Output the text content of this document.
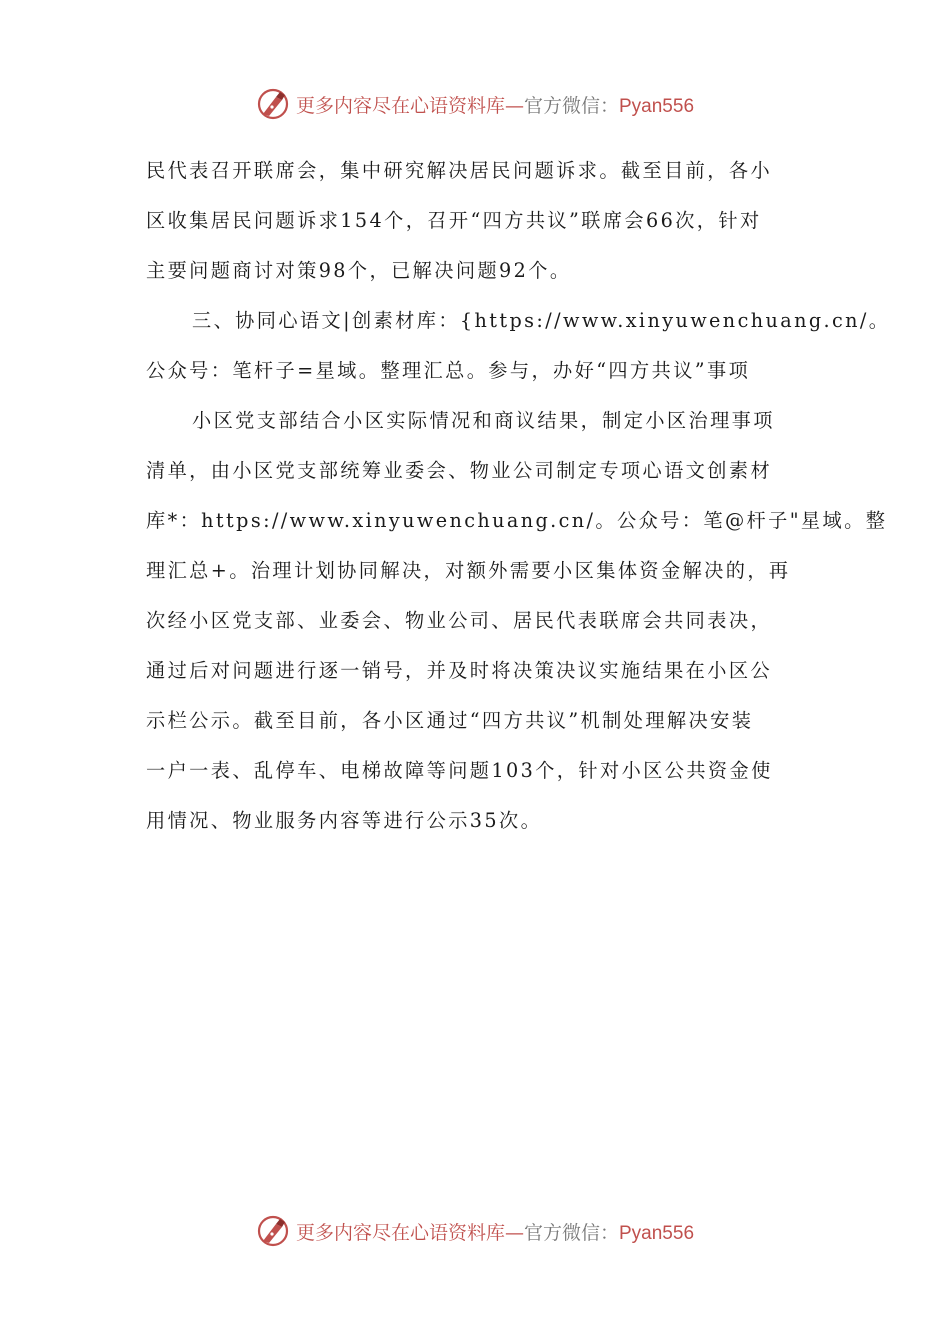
更多内容尽在心语资料库—官方微信：Pyan556
民代表召开联席会，集中研究解决居民问题诉求。截至目前，各小
区收集居民问题诉求154个，召开“四方共议”联席会66次，针对
主要问题商讨对策98个，已解决问题92个。
三、协同心语文|创素材库：{https://www.xinyuwenchuang.cn/。
公众号：笔杆子=星域。整理汇总。参与，办好“四方共议”事项
小区党支部结合小区实际情况和商议结果，制定小区治理事项
清单，由小区党支部统筹业委会、物业公司制定专项心语文创素材
库*：https://www.xinyuwenchuang.cn/。公众号：笔@杆子"星域。整
理汇总+。治理计划协同解决，对额外需要小区集体资金解决的，再
次经小区党支部、业委会、物业公司、居民代表联席会共同表决，
通过后对问题进行逐一销号，并及时将决策决议实施结果在小区公
示栏公示。截至目前，各小区通过“四方共议”机制处理解决安装
一户一表、乱停车、电梯故障等问题103个，针对小区公共资金使
用情况、物业服务内容等进行公示35次。
更多内容尽在心语资料库—官方微信：Pyan556
